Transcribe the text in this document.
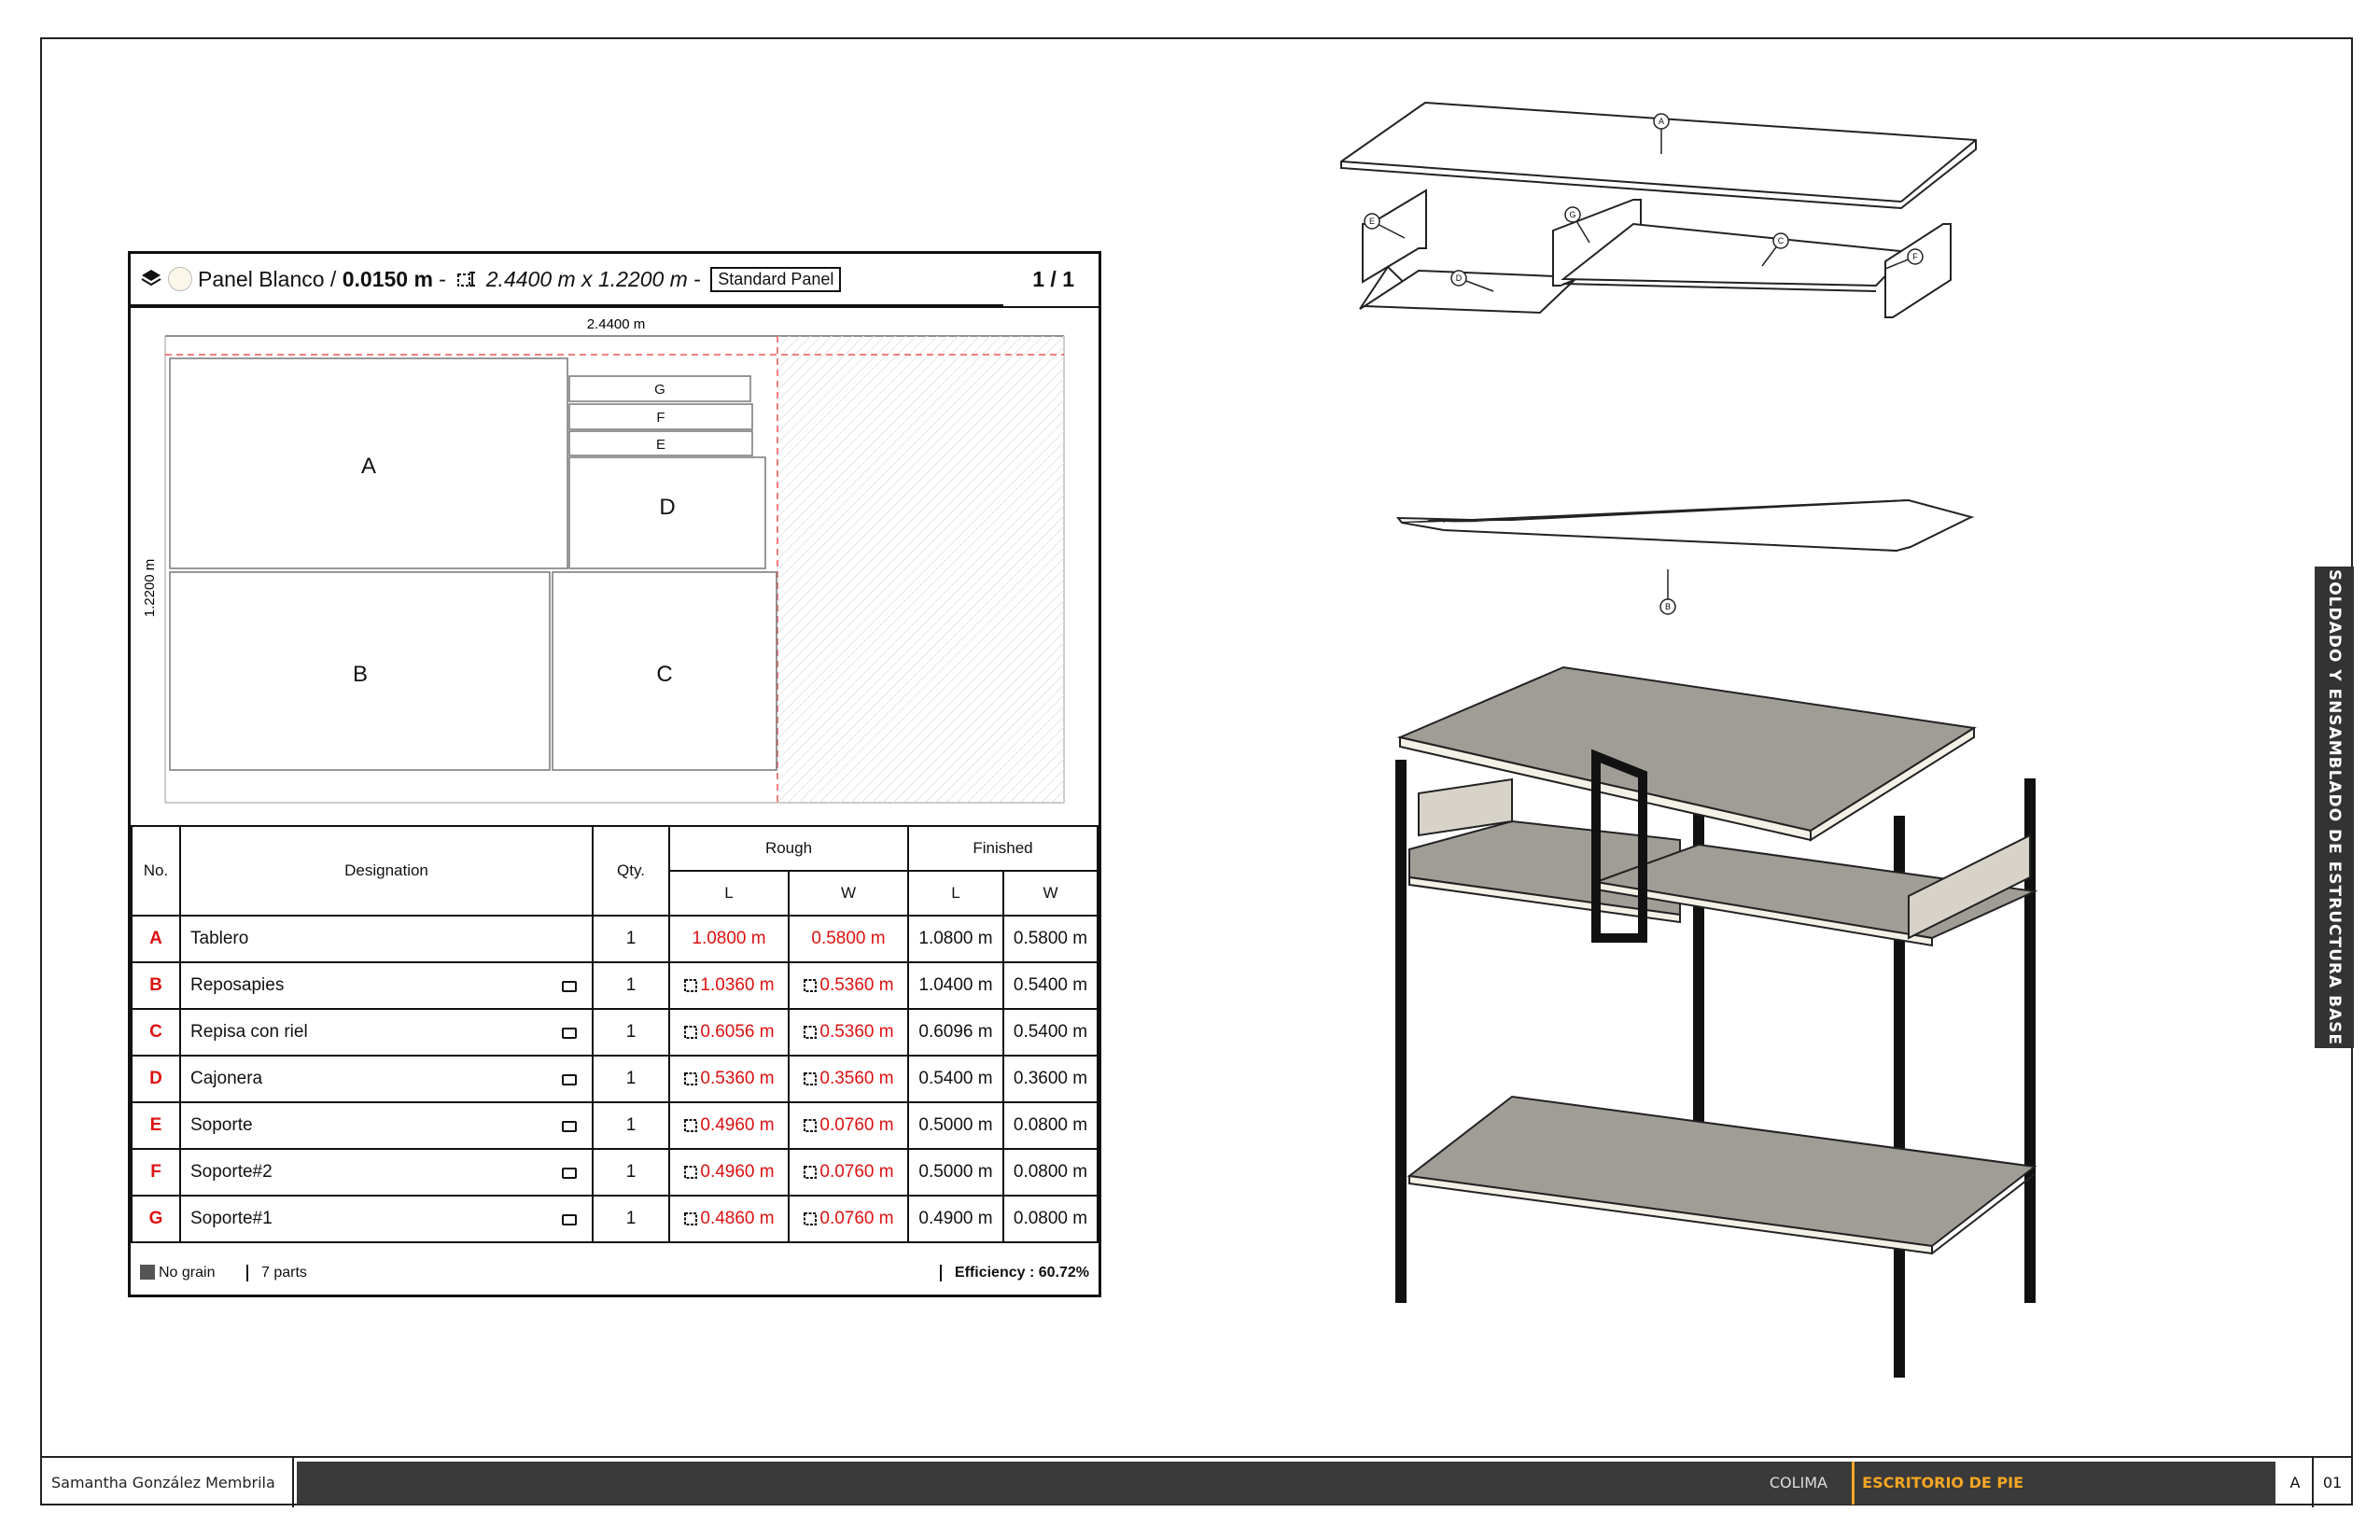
Panel Blanco / 0.0150 m -  2.4400 m x 1.2200 m - Standard Panel	1 / 1
2.4400 m
1.2200 m
A
B	C
D
E
F
G
No.	Designation	Qty.	Rough		Finished	
			L	W	L	W
A	Tablero	1	1.0800 m	0.5800 m	1.0800 m	0.5800 m
B	Reposapies	1	1.0360 m	0.5360 m	1.0400 m	0.5400 m
C	Repisa con riel	1	0.6056 m	0.5360 m	0.6096 m	0.5400 m
D	Cajonera	1	0.5360 m	0.3560 m	0.5400 m	0.3600 m
E	Soporte	1	0.4960 m	0.0760 m	0.5000 m	0.0800 m
F	Soporte#2	1	0.4960 m	0.0760 m	0.5000 m	0.0800 m
G	Soporte#1	1	0.4860 m	0.0760 m	0.4900 m	0.0800 m
No grain	7 parts	Efficiency : 60.72%
A
E
D
G
C
F
B	SOLDADO Y ENSAMBLADO DE ESTRUCTURA BASE
Samantha González Membrila	COLIMA	ESCRITORIO DE PIE	A	01
